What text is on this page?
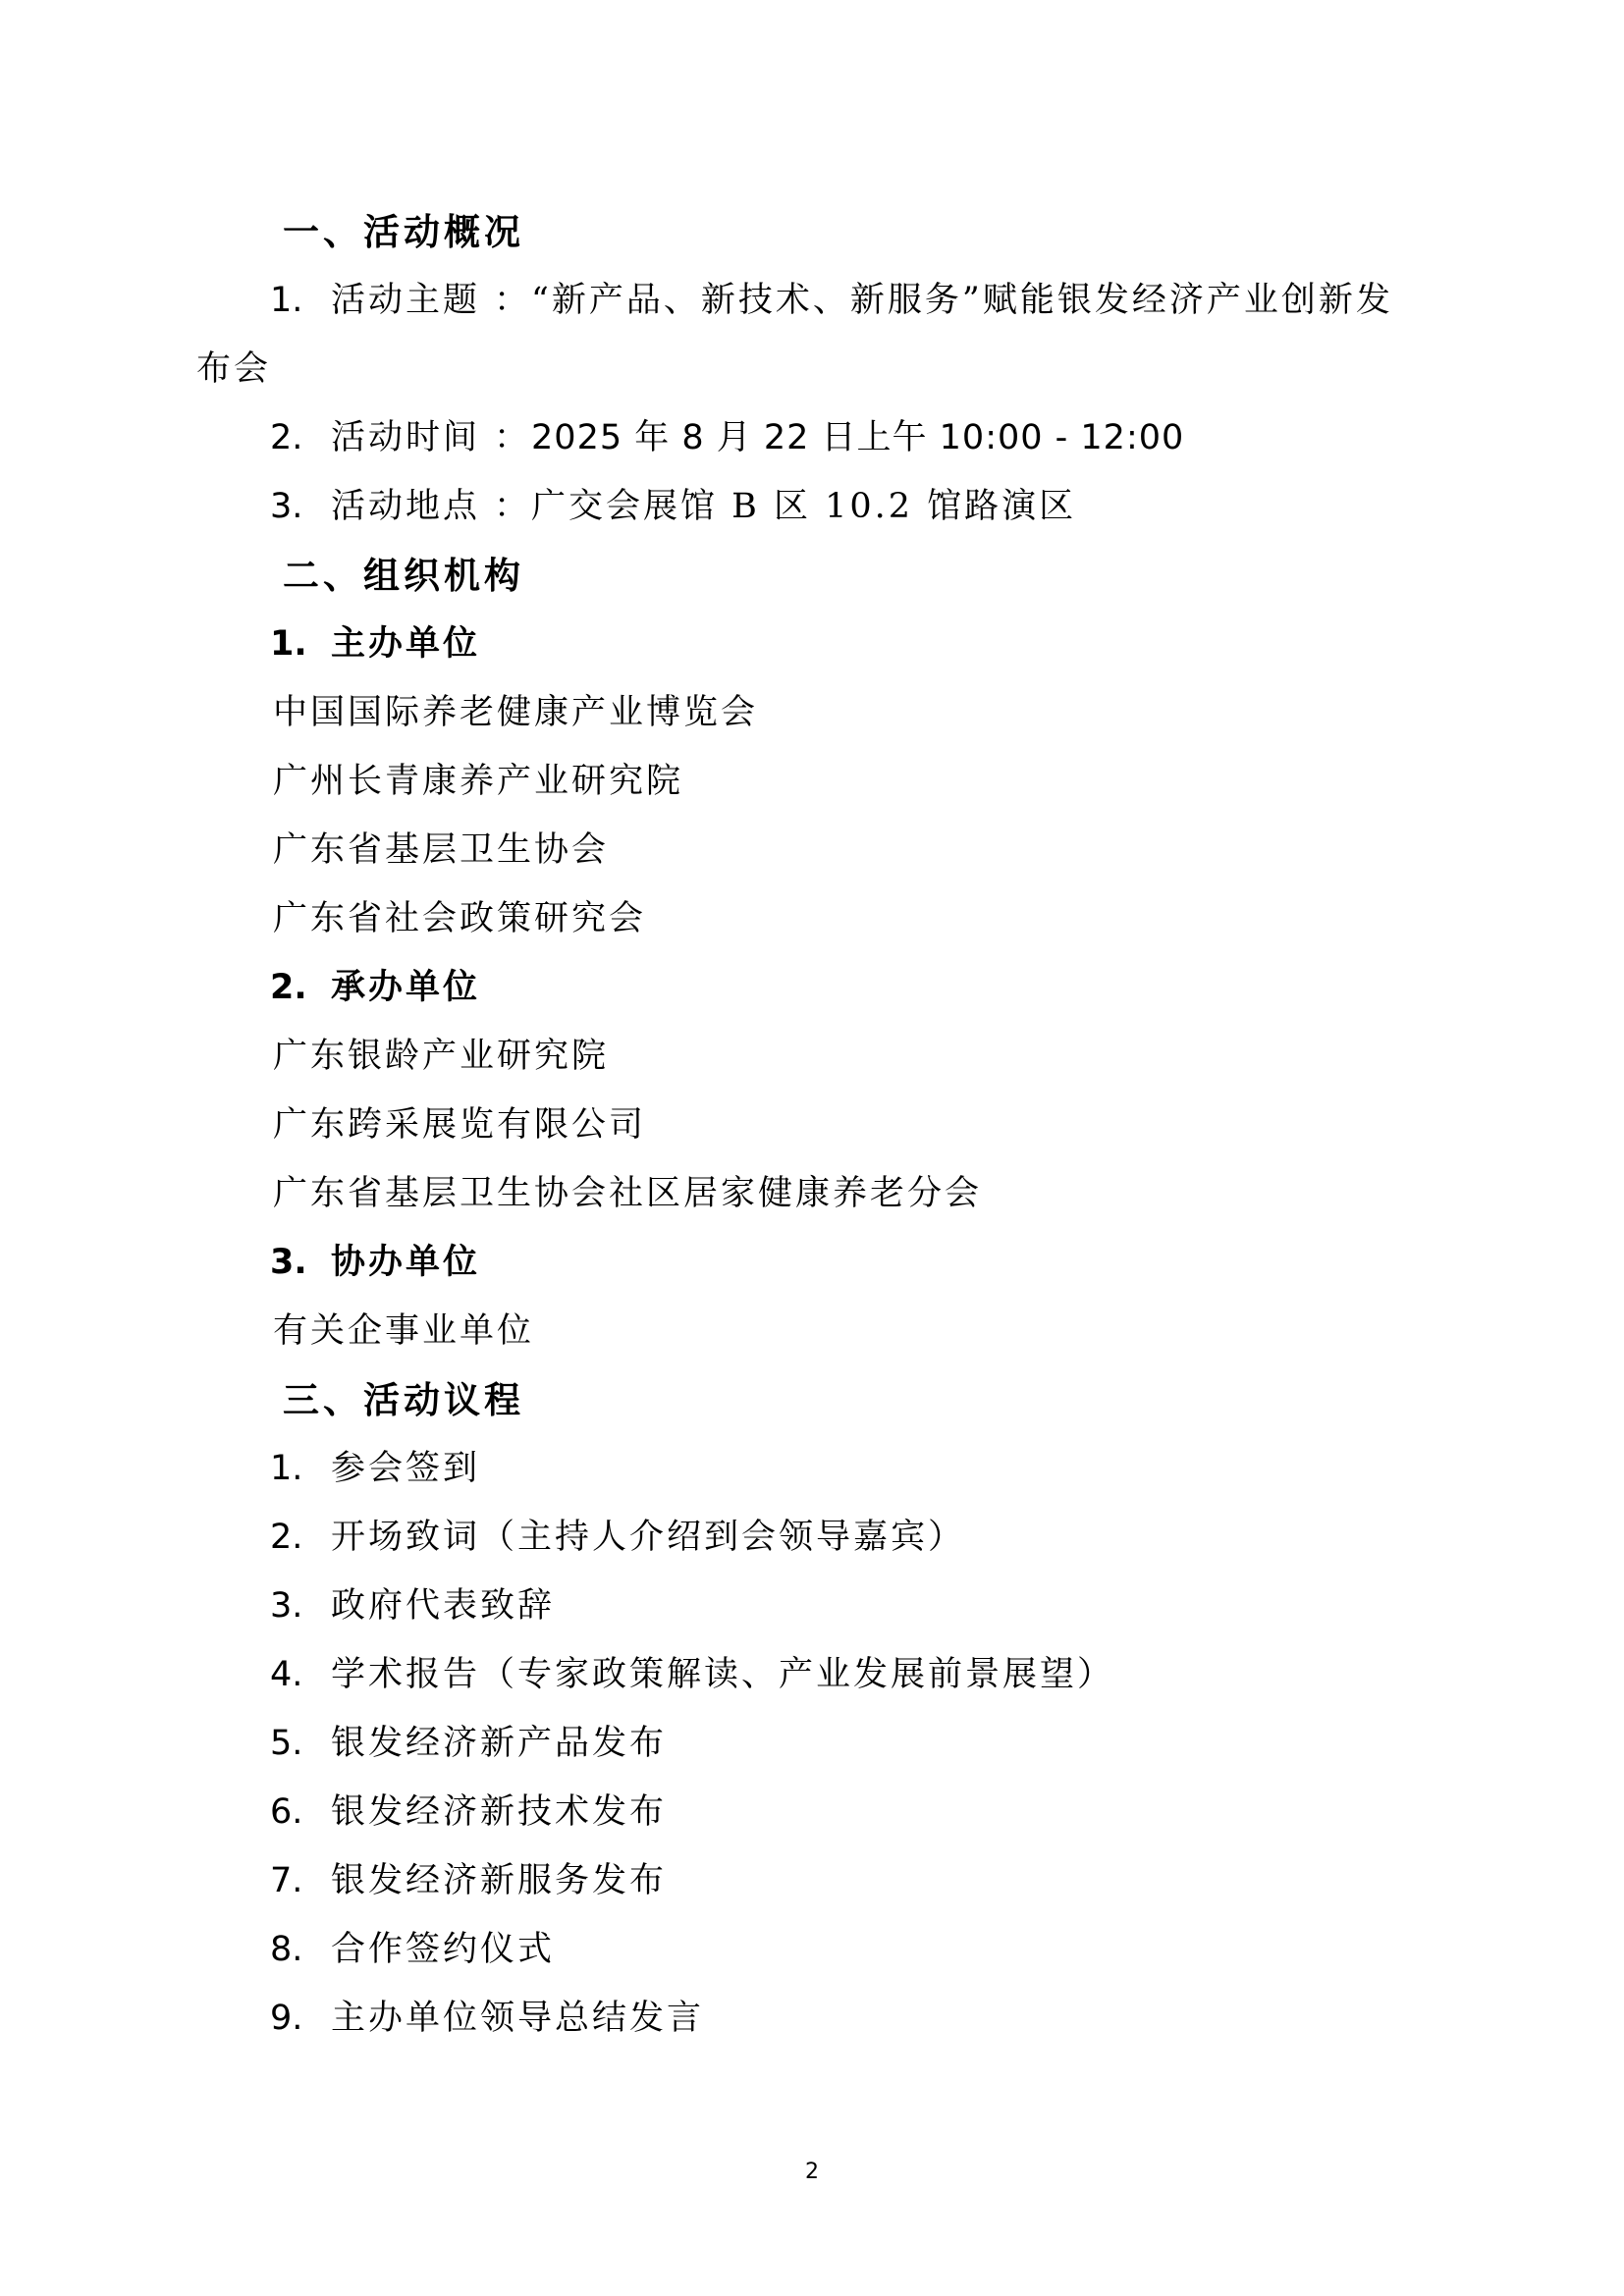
一、活动概况
1. 活动主题 ：“新产品、新技术、新服务”赋能银发经济产业创新发
布会
2. 活动时间 ：2025 年 8 月 22 日上午 10:00 - 12:00
3. 活动地点 ：广交会展馆 B 区 10.2 馆路演区
二、组织机构
1. 主办单位
中国国际养老健康产业博览会
广州长青康养产业研究院
广东省基层卫生协会
广东省社会政策研究会
2. 承办单位
广东银龄产业研究院
广东跨采展览有限公司
广东省基层卫生协会社区居家健康养老分会
3. 协办单位
有关企事业单位
三、活动议程
1. 参会签到
2. 开场致词（主持人介绍到会领导嘉宾）
3. 政府代表致辞
4. 学术报告（专家政策解读、产业发展前景展望）
5. 银发经济新产品发布
6. 银发经济新技术发布
7. 银发经济新服务发布
8. 合作签约仪式
9. 主办单位领导总结发言
2
